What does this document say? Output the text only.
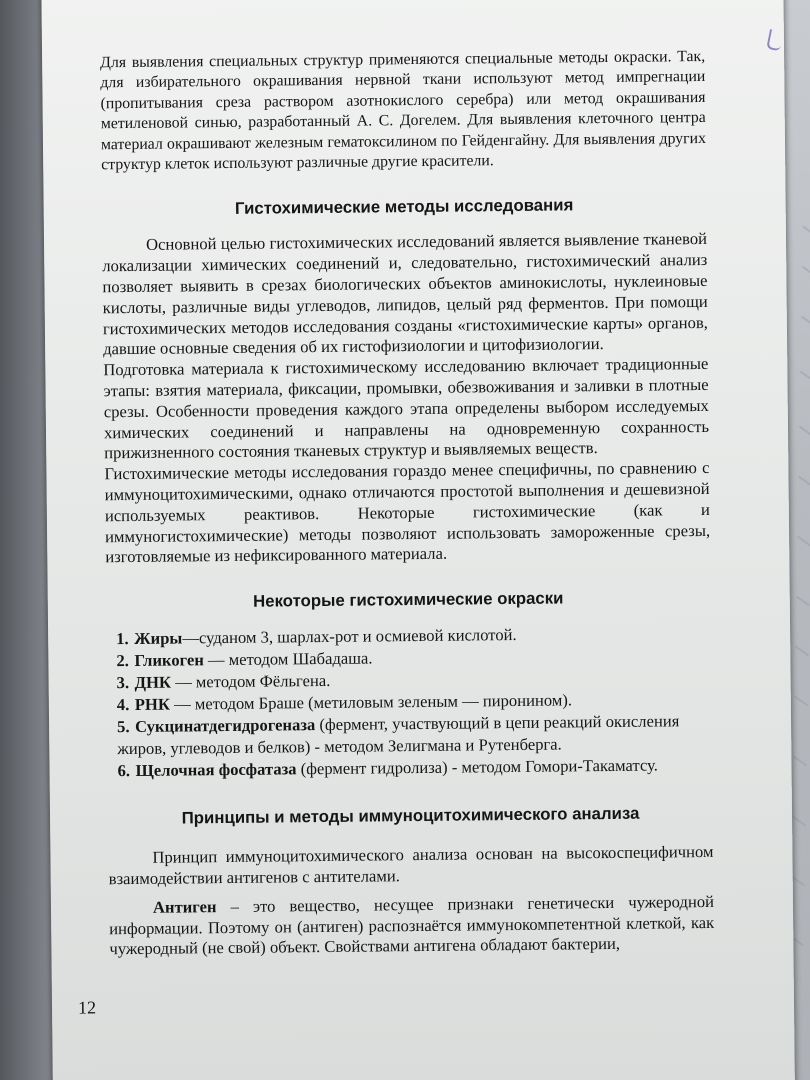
Для выявления специальных структур применяются специальные методы окраски. Так, для избирательного окрашивания нервной ткани используют метод импрегнации (пропитывания среза раствором азотнокислого серебра) или метод окрашивания метиленовой синью, разработанный А. С. Догелем. Для выявления клеточного центра материал окрашивают железным гематоксилином по Гейденгайну. Для выявления других структур клеток используют различные другие красители.

Гистохимические методы исследования

Основной целью гистохимических исследований является выявление тканевой локализации химических соединений и, следовательно, гистохимический анализ позволяет выявить в срезах биологических объектов аминокислоты, нуклеиновые кислоты, различные виды углеводов, липидов, целый ряд ферментов. При помощи гистохимических методов исследования созданы «гистохимические карты» органов, давшие основные сведения об их гистофизиологии и цитофизиологии.

Подготовка материала к гистохимическому исследованию включает традиционные этапы: взятия материала, фиксации, промывки, обезвоживания и заливки в плотные срезы. Особенности проведения каждого этапа определены выбором исследуемых химических соединений и направлены на одновременную сохранность прижизненного состояния тканевых структур и выявляемых веществ.

Гистохимические методы исследования гораздо менее специфичны, по сравнению с иммуноцитохимическими, однако отличаются простотой выполнения и дешевизной используемых реактивов. Некоторые гистохимические (как и иммуногистохимические) методы позволяют использовать замороженные срезы, изготовляемые из нефиксированного материала.

Некоторые гистохимические окраски
1. Жиры—суданом 3, шарлах-рот и осмиевой кислотой.
2. Гликоген — методом Шабадаша.
3. ДНК — методом Фёльгена.
4. РНК — методом Браше (метиловым зеленым — пиронином).
5. Сукцинатдегидрогеназа (фермент, участвующий в цепи реакций окисления жиров, углеводов и белков) - методом Зелигмана и Рутенберга.
6. Щелочная фосфатаза (фермент гидролиза) - методом Гомори-Такаматсу.
Принципы и методы иммуноцитохимического анализа

Принцип иммуноцитохимического анализа основан на высокоспецифичном взаимодействии антигенов с антителами.

Антиген – это вещество, несущее признаки генетически чужеродной информации. Поэтому он (антиген) распознаётся иммунокомпетентной клеткой, как чужеродный (не свой) объект. Свойствами антигена обладают бактерии,

12
